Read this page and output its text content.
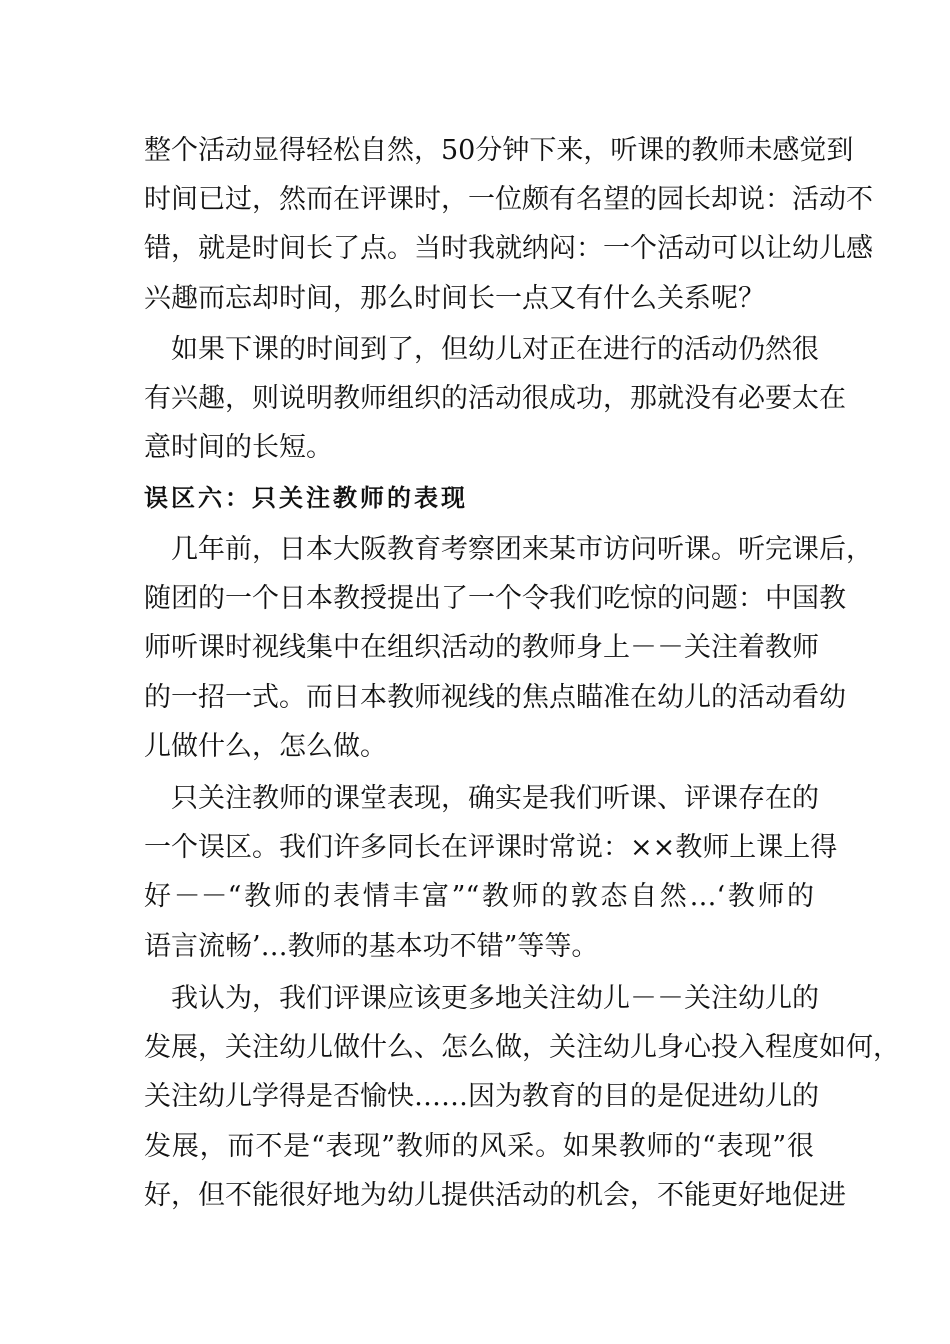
整个活动显得轻松自然，50分钟下来，听课的教师未感觉到
时间已过，然而在评课时，一位颇有名望的园长却说：活动不
错，就是时间长了点。当时我就纳闷：一个活动可以让幼儿感
兴趣而忘却时间，那么时间长一点又有什么关系呢？
　如果下课的时间到了，但幼儿对正在进行的活动仍然很
有兴趣，则说明教师组织的活动很成功，那就没有必要太在
意时间的长短。
误区六：只关注教师的表现
　几年前，日本大阪教育考察团来某市访问听课。听完课后，
随团的一个日本教授提出了一个令我们吃惊的问题：中国教
师听课时视线集中在组织活动的教师身上－－关注着教师
的一招一式。而日本教师视线的焦点瞄准在幼儿的活动看幼
儿做什么，怎么做。
　只关注教师的课堂表现，确实是我们听课、评课存在的
一个误区。我们许多同长在评课时常说：××教师上课上得
好－－“教师的表情丰富”“教师的敦态自然…‘教师的
语言流畅’…教师的基本功不错”等等。
　我认为，我们评课应该更多地关注幼儿－－关注幼儿的
发展，关注幼儿做什么、怎么做，关注幼儿身心投入程度如何，
关注幼儿学得是否愉快……因为教育的目的是促进幼儿的
发展，而不是“表现”教师的风采。如果教师的“表现”很
好，但不能很好地为幼儿提供活动的机会，不能更好地促进
